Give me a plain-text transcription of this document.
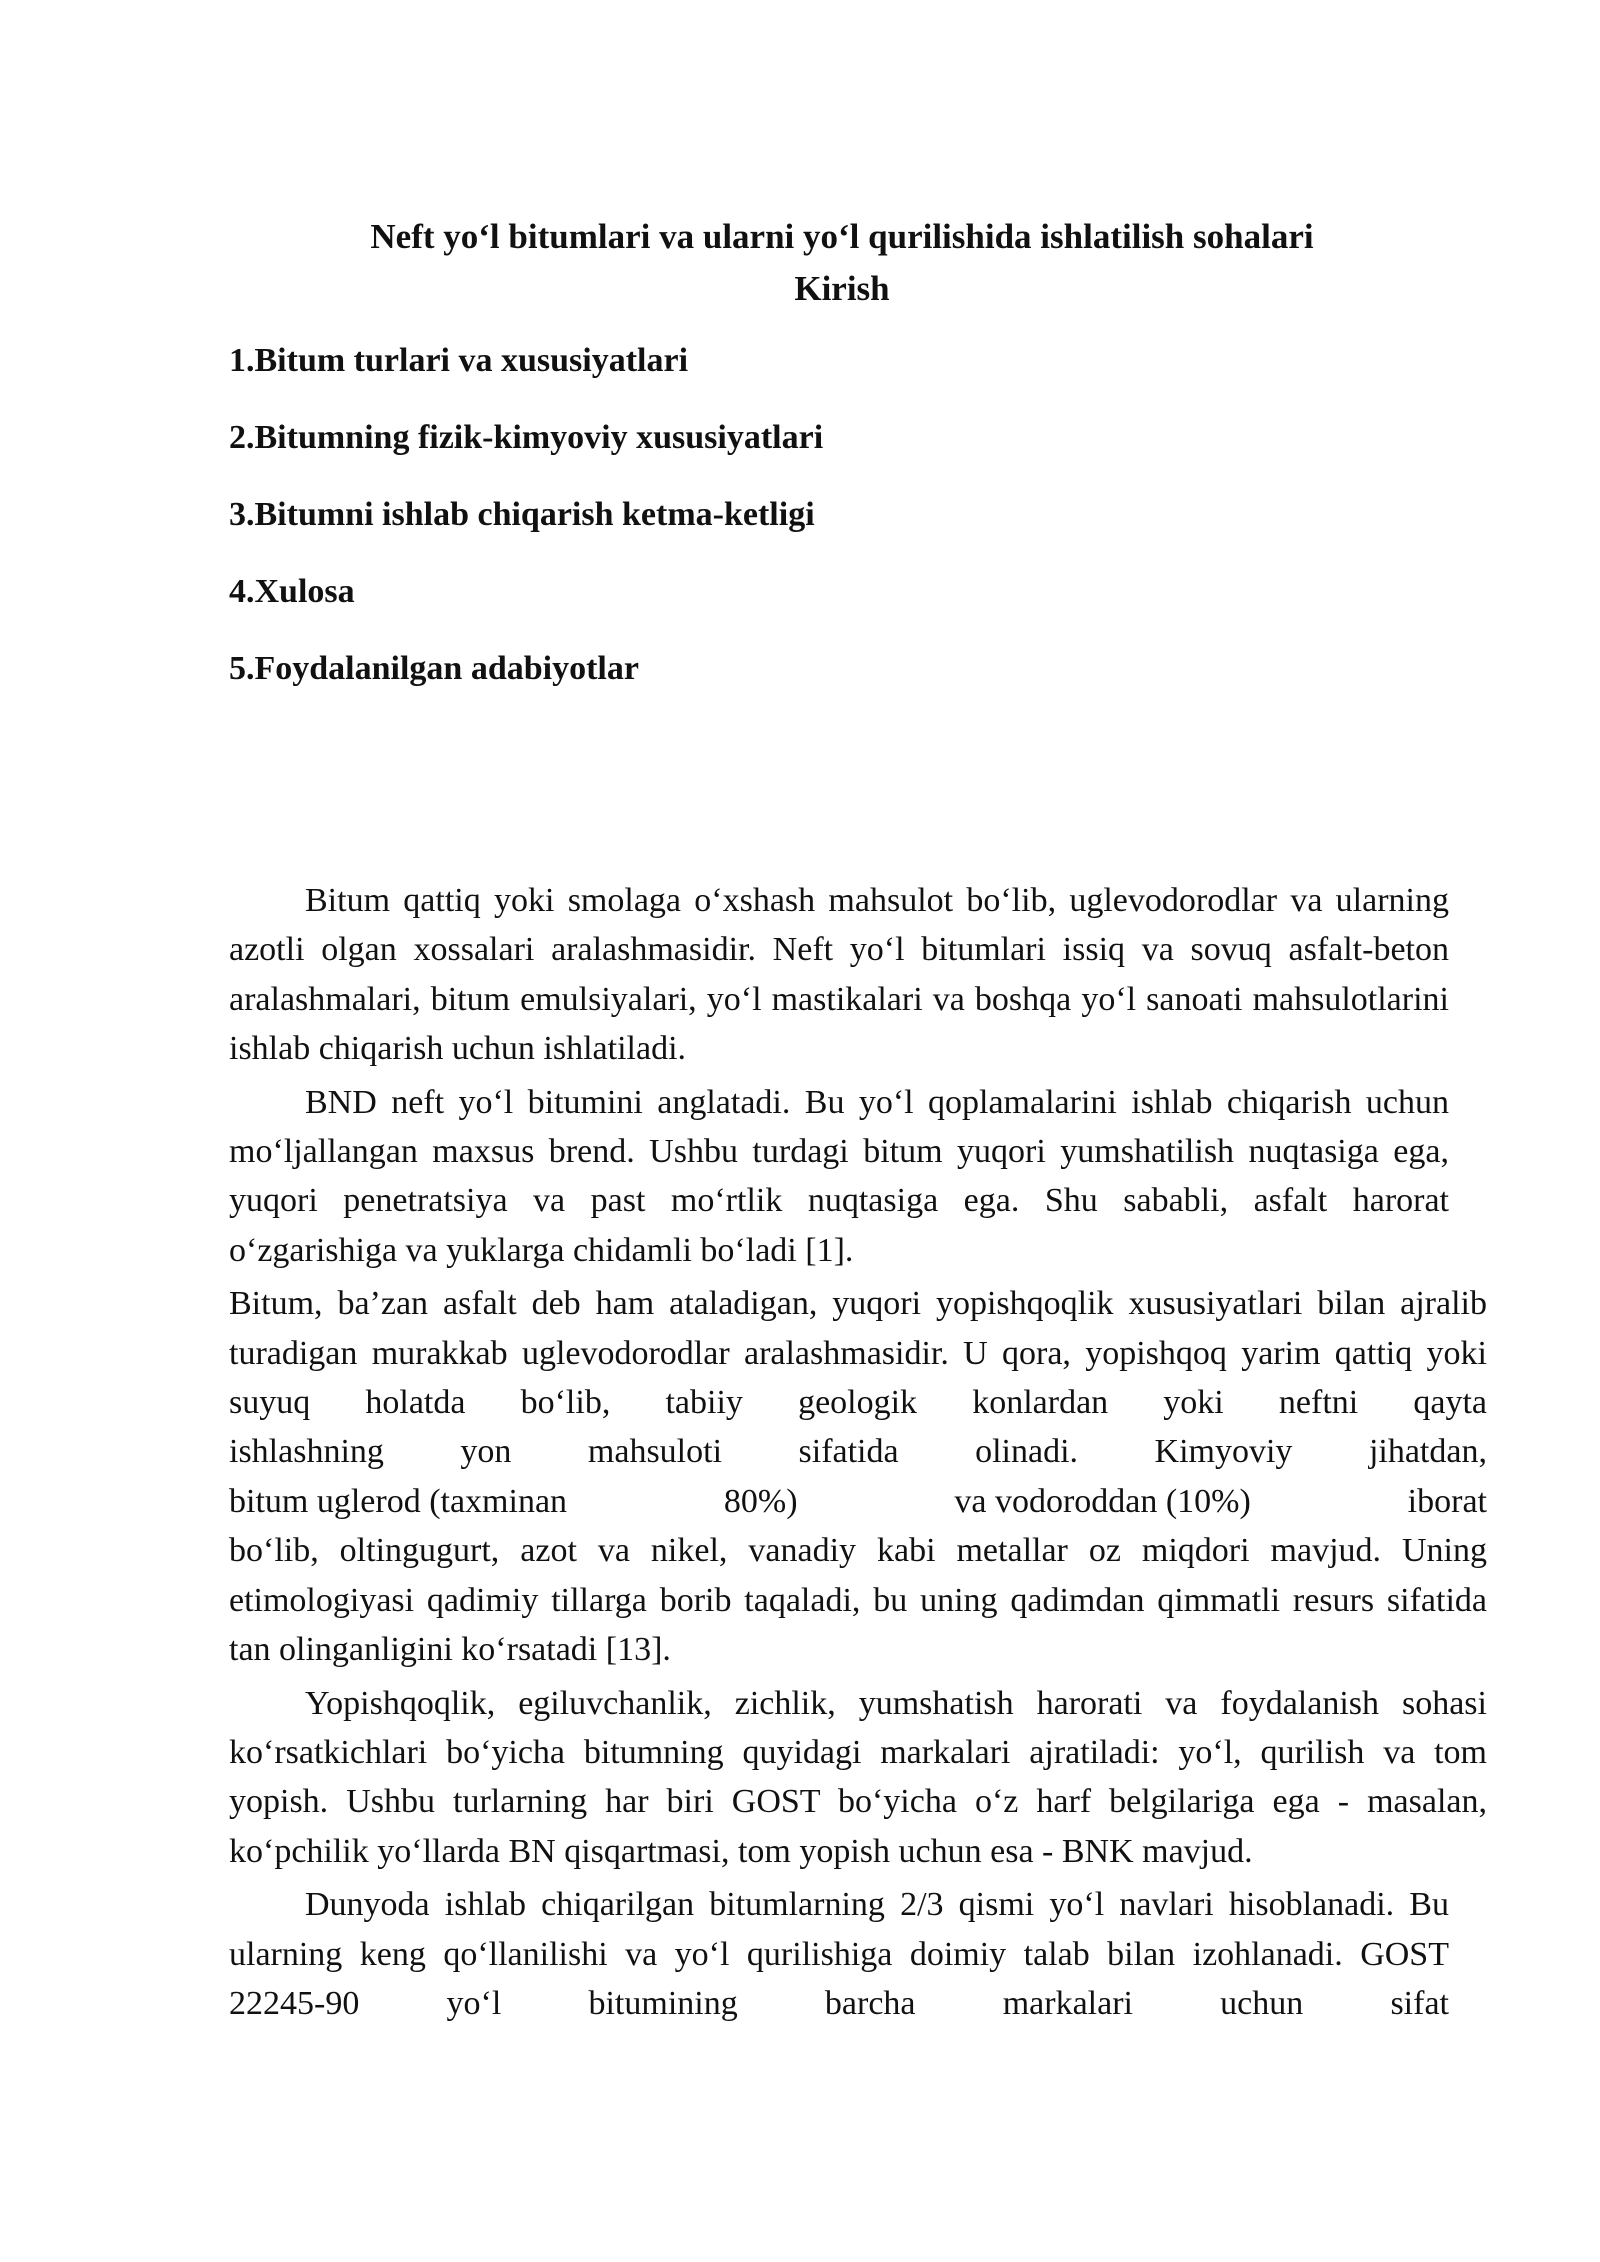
Neft yo‘l bitumlari va ularni yo‘l qurilishida ishlatilish sohalari
Kirish
1.Bitum turlari va xususiyatlari
2.Bitumning fizik-kimyoviy xususiyatlari
3.Bitumni ishlab chiqarish ketma-ketligi
4.Xulosa
5.Foydalanilgan adabiyotlar

Bitum qattiq yoki smolaga o‘xshash mahsulot bo‘lib, uglevodorodlar va ularning azotli olgan xossalari aralashmasidir. Neft yo‘l bitumlari issiq va sovuq asfalt-beton aralashmalari, bitum emulsiyalari, yo‘l mastikalari va boshqa yo‘l sanoati mahsulotlarini ishlab chiqarish uchun ishlatiladi.

BND neft yo‘l bitumini anglatadi. Bu yo‘l qoplamalarini ishlab chiqarish uchun mo‘ljallangan maxsus brend. Ushbu turdagi bitum yuqori yumshatilish nuqtasiga ega, yuqori penetratsiya va past mo‘rtlik nuqtasiga ega. Shu sababli, asfalt harorat o‘zgarishiga va yuklarga chidamli bo‘ladi [1].

Bitum, ba’zan asfalt deb ham ataladigan, yuqori yopishqoqlik xususiyatlari bilan ajralib turadigan murakkab uglevodorodlar aralashmasidir. U qora, yopishqoq yarim qattiq yoki suyuq holatda bo‘lib, tabiiy geologik konlardan yoki neftni qayta

ishlashning yon mahsuloti sifatida olinadi. Kimyoviy jihatdan,
bitum uglerod (taxminan	80%)	va vodoroddan (10%)	iborat

bo‘lib, oltingugurt, azot va nikel, vanadiy kabi metallar oz miqdori mavjud. Uning etimologiyasi qadimiy tillarga borib taqaladi, bu uning qadimdan qimmatli resurs sifatida tan olinganligini ko‘rsatadi [13].

Yopishqoqlik, egiluvchanlik, zichlik, yumshatish harorati va foydalanish sohasi ko‘rsatkichlari bo‘yicha bitumning quyidagi markalari ajratiladi: yo‘l, qurilish va tom yopish. Ushbu turlarning har biri GOST bo‘yicha o‘z harf belgilariga ega - masalan, ko‘pchilik yo‘llarda BN qisqartmasi, tom yopish uchun esa - BNK mavjud.

Dunyoda ishlab chiqarilgan bitumlarning 2/3 qismi yo‘l navlari hisoblanadi. Bu ularning keng qo‘llanilishi va yo‘l qurilishiga doimiy talab bilan izohlanadi. GOST 22245-90 yo‘l bitumining barcha markalari uchun sifat
